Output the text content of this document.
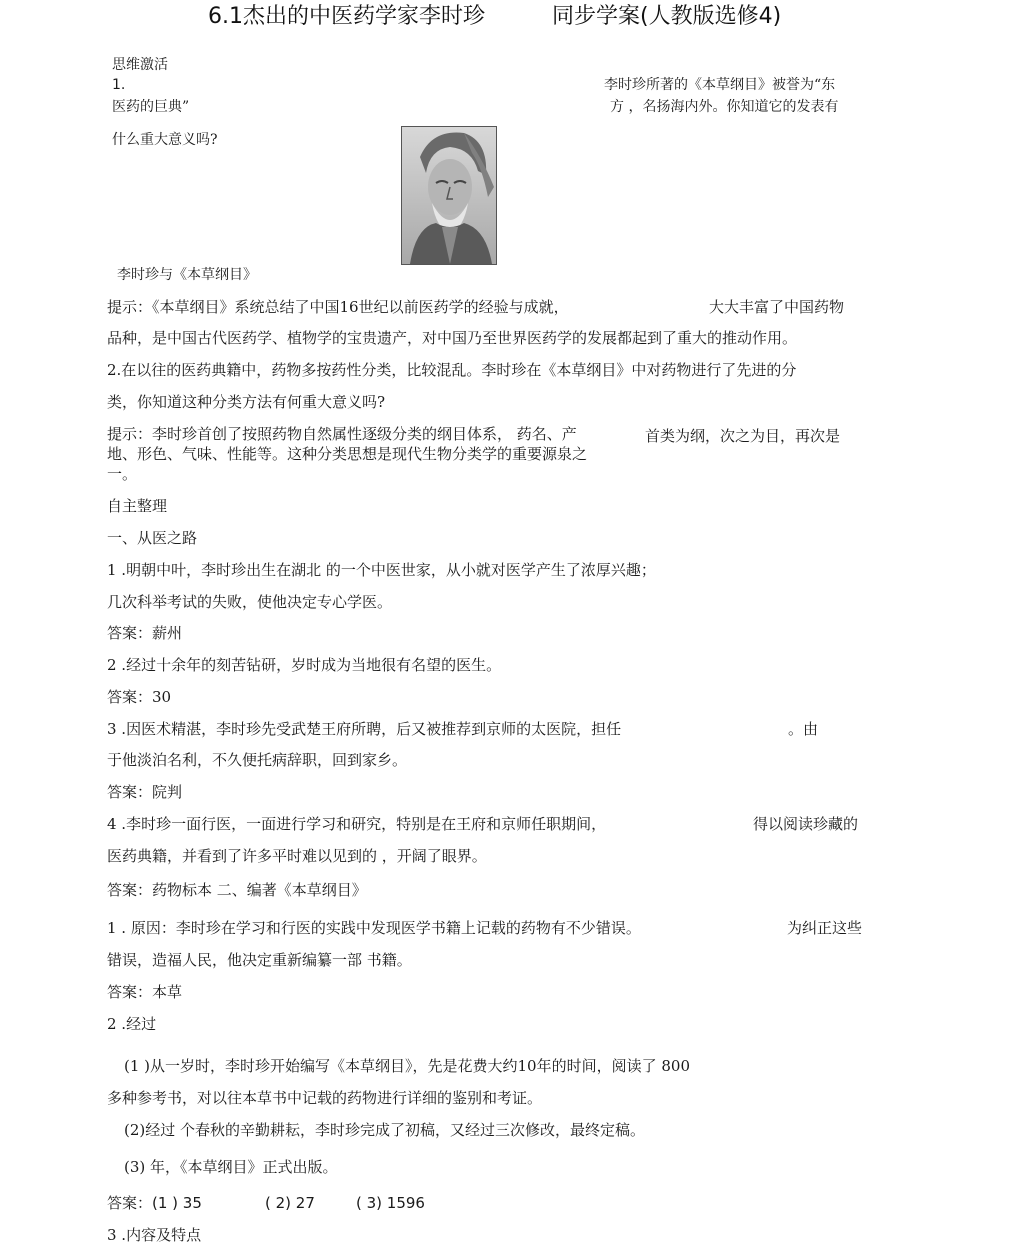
6.1杰出的中医药学家李时珍	同步学案(人教版选修4)
思维激活
1.	李时珍所著的《本草纲目》被誉为“东
医药的巨典”	方 ，名扬海内外。你知道它的发表有
什么重大意义吗?
李时珍与《本草纲目》
提示：《本草纲目》系统总结了中国16世纪以前医药学的经验与成就，	大大丰富了中国药物
品种，是中国古代医药学、植物学的宝贵遗产，对中国乃至世界医药学的发展都起到了重大的推动作用。
2.在以往的医药典籍中，药物多按药性分类，比较混乱。李时珍在《本草纲目》中对药物进行了先进的分
类，你知道这种分类方法有何重大意义吗?
提示：李时珍首创了按照药物自然属性逐级分类的纲目体系， 药名、产	首类为纲，次之为目，再次是
地、形色、气味、性能等。这种分类思想是现代生物分类学的重要源泉之
一。
自主整理
一、从医之路
1 .明朝中叶，李时珍出生在湖北 的一个中医世家，从小就对医学产生了浓厚兴趣；
几次科举考试的失败，使他决定专心学医。
答案：薪州
2 .经过十余年的刻苦钻研，岁时成为当地很有名望的医生。
答案：30
3 .因医术精湛，李时珍先受武楚王府所聘，后又被推荐到京师的太医院，担任	。由
于他淡泊名利，不久便托病辞职，回到家乡。
答案：院判
4 .李时珍一面行医，一面进行学习和研究，特别是在王府和京师任职期间，	得以阅读珍藏的
医药典籍，并看到了许多平时难以见到的 ，开阔了眼界。
答案：药物标本 二、编著《本草纲目》
1 . 原因：李时珍在学习和行医的实践中发现医学书籍上记载的药物有不少错误。	为纠正这些
错误，造福人民，他决定重新编纂一部 书籍。
答案：本草
2 .经过
(1 )从一岁时，李时珍开始编写《本草纲目》，先是花费大约10年的时间，阅读了 800
多种参考书，对以往本草书中记载的药物进行详细的鉴别和考证。
(2)经过 个春秋的辛勤耕耘，李时珍完成了初稿，又经过三次修改，最终定稿。
(3) 年，《本草纲目》正式出版。
答案： (1 ) 35	( 2) 27	( 3) 1596
3 .内容及特点
